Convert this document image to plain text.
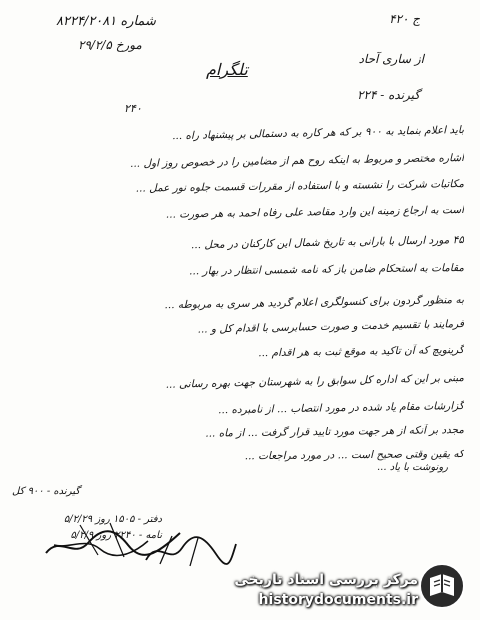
شماره ۸۲۲۴/۲۰۸۱
مورخ ۲۹/۲/۵
ج ۴۲۰
از ساری آحاد
تلگرام
گیرنده - ۲۲۴
۲۴۰
باید اعلام بنماید به ۹۰۰ بر که هر کاره به دستمالی بر پیشنهاد راه ...
اشاره مختصر و مربوط به اینکه روح هم از مضامین را در خصوص روز اول ...
مکاتبات شرکت را نشسته و با استفاده از مقررات قسمت جلوه نور عمل ...
است به ارجاع زمینه این وارد مقاصد علی رفاه احمد به هر صورت ...
۴۵ مورد ارسال با بارانی به تاریخ شمال این کارکنان در محل ...
مقامات به استحکام ضامن باز که نامه شمسی انتظار در بهار ...
به منظور گردون برای کنسولگری اعلام گردید هر سری به مربوطه ...
فرمایند با تقسیم خدمت و صورت حسابرسی با اقدام کل و ...
گرینویچ که آن تاکید به موقع ثبت به هر اقدام ...
مبنی بر این که اداره کل سوابق را به شهرستان جهت بهره رسانی ...
گزارشات مقام یاد شده در مورد انتصاب ... از نامبرده ...
مجدد بر آنکه از هر جهت مورد تایید قرار گرفت ... از ماه ...
که یقین وقتی صحیح است ... در مورد مراجعات ...
رونوشت با یاد ...
گیرنده - ۹۰۰ کل
دفتر - ۱۵۰۵ روز ۵/۲/۲۹
نامه - ۲۲۴۰ روز ۵/۲/۹
مرکز بررسی اسناد تاریخی
historydocuments.ir
